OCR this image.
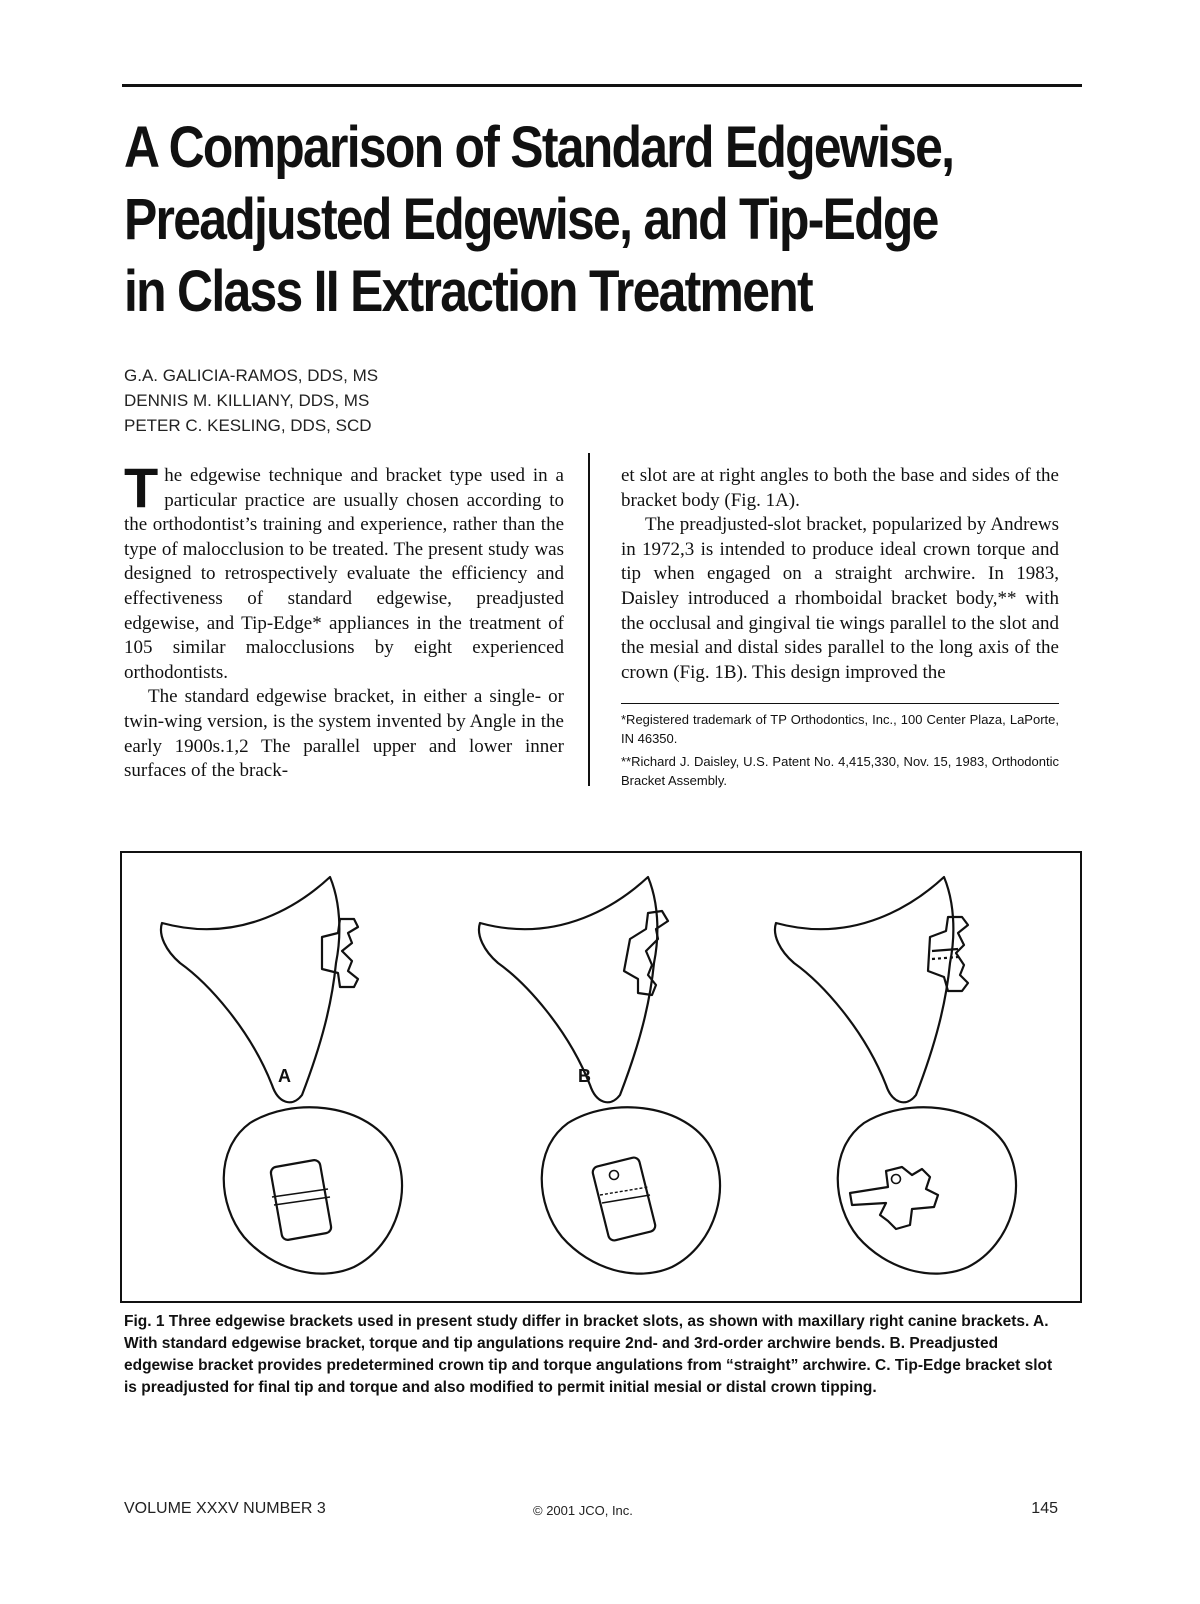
A Comparison of Standard Edgewise,
Preadjusted Edgewise, and Tip-Edge
in Class II Extraction Treatment
G.A. GALICIA-RAMOS, DDS, MS
DENNIS M. KILLIANY, DDS, MS
PETER C. KESLING, DDS, SCD

The edgewise technique and bracket type used in a particular practice are usually chosen according to the orthodontist’s training and experience, rather than the type of malocclusion to be treated. The present study was designed to retrospectively evaluate the efficiency and effectiveness of standard edgewise, preadjusted edgewise, and Tip-Edge* appliances in the treatment of 105 similar malocclusions by eight experienced orthodontists.

The standard edgewise bracket, in either a single- or twin-wing version, is the system invented by Angle in the early 1900s.1,2 The parallel upper and lower inner surfaces of the brack-

et slot are at right angles to both the base and sides of the bracket body (Fig. 1A).

The preadjusted-slot bracket, popularized by Andrews in 1972,3 is intended to produce ideal crown torque and tip when engaged on a straight archwire. In 1983, Daisley introduced a rhomboidal bracket body,** with the occlusal and gingival tie wings parallel to the slot and the mesial and distal sides parallel to the long axis of the crown (Fig. 1B). This design improved the

*Registered trademark of TP Orthodontics, Inc., 100 Center Plaza, LaPorte, IN 46350.

**Richard J. Daisley, U.S. Patent No. 4,415,330, Nov. 15, 1983, Orthodontic Bracket Assembly.

A	B
Fig. 1 Three edgewise brackets used in present study differ in bracket slots, as shown with maxillary right canine brackets. A. With standard edgewise bracket, torque and tip angulations require 2nd- and 3rd-order archwire bends. B. Preadjusted edgewise bracket provides predetermined crown tip and torque angulations from “straight” archwire. C. Tip-Edge bracket slot is preadjusted for final tip and torque and also modified to permit initial mesial or distal crown tipping.
VOLUME XXXV NUMBER 3	© 2001 JCO, Inc.	145
